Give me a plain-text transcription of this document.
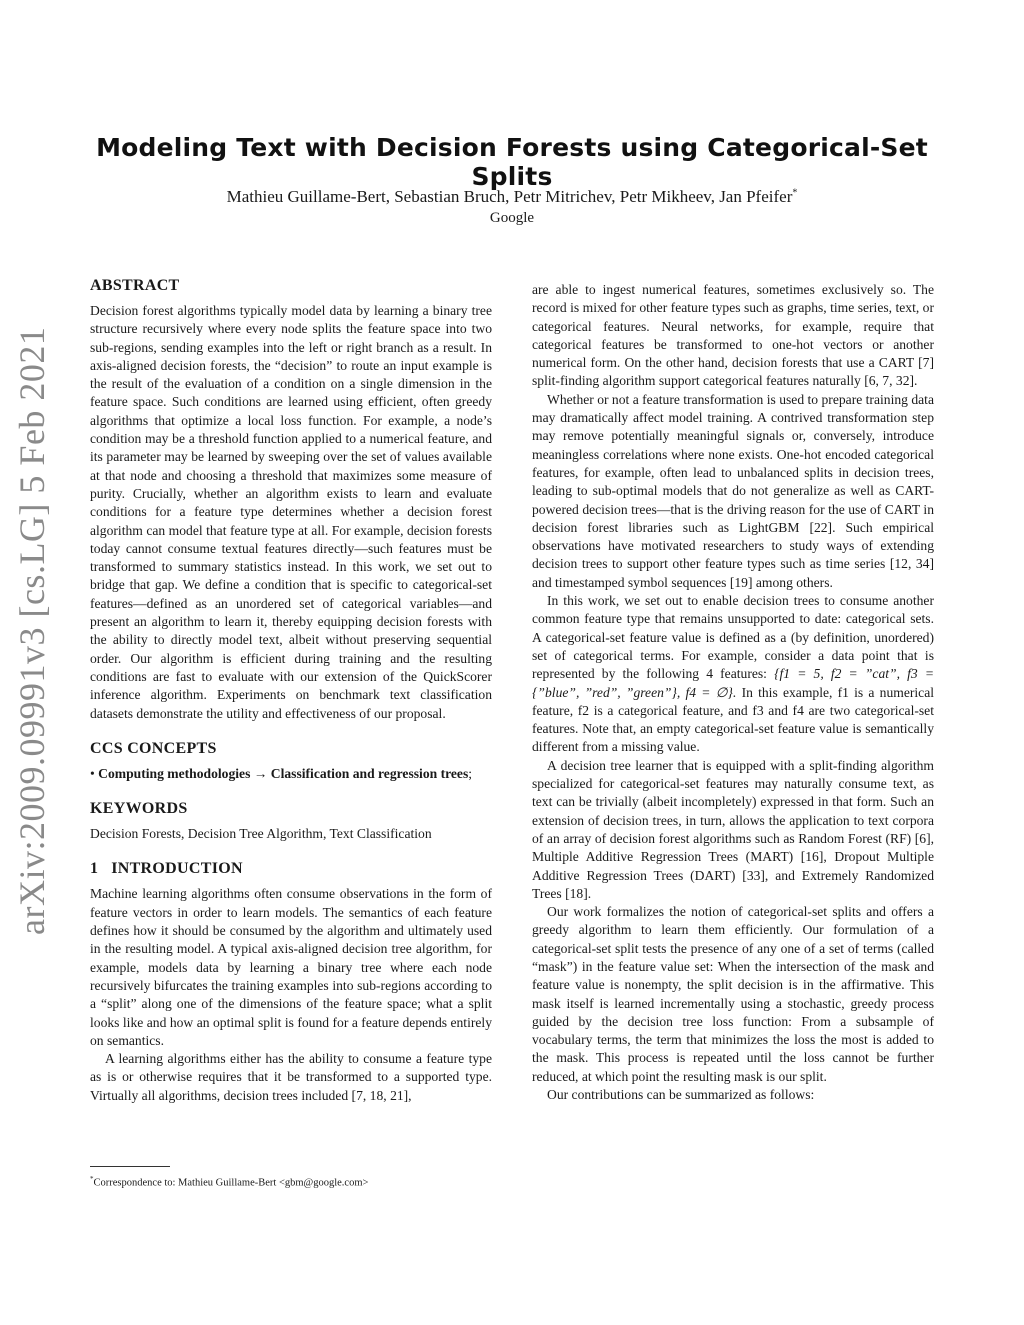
arXiv:2009.09991v3 [cs.LG] 5 Feb 2021
Modeling Text with Decision Forests using Categorical-Set Splits
Mathieu Guillame-Bert, Sebastian Bruch, Petr Mitrichev, Petr Mikheev, Jan Pfeifer*
Google

ABSTRACT

Decision forest algorithms typically model data by learning a binary tree structure recursively where every node splits the feature space into two sub-regions, sending examples into the left or right branch as a result. In axis-aligned decision forests, the “decision” to route an input example is the result of the evaluation of a condition on a single dimension in the feature space. Such conditions are learned using efficient, often greedy algorithms that optimize a local loss function. For example, a node’s condition may be a threshold function applied to a numerical feature, and its parameter may be learned by sweeping over the set of values available at that node and choosing a threshold that maximizes some measure of purity. Crucially, whether an algorithm exists to learn and evaluate conditions for a feature type determines whether a decision forest algorithm can model that feature type at all. For example, decision forests today cannot consume textual features directly—such features must be transformed to summary statistics instead. In this work, we set out to bridge that gap. We define a condition that is specific to categorical-set features—defined as an unordered set of categorical variables—and present an algorithm to learn it, thereby equipping decision forests with the ability to directly model text, albeit without preserving sequential order. Our algorithm is efficient during training and the resulting conditions are fast to evaluate with our extension of the QuickScorer inference algorithm. Experiments on benchmark text classification datasets demonstrate the utility and effectiveness of our proposal.

CCS CONCEPTS

• Computing methodologies → Classification and regression trees;

KEYWORDS

Decision Forests, Decision Tree Algorithm, Text Classification

1   INTRODUCTION

Machine learning algorithms often consume observations in the form of feature vectors in order to learn models. The semantics of each feature defines how it should be consumed by the algorithm and ultimately used in the resulting model. A typical axis-aligned decision tree algorithm, for example, models data by learning a binary tree where each node recursively bifurcates the training examples into sub-regions according to a “split” along one of the dimensions of the feature space; what a split looks like and how an optimal split is found for a feature depends entirely on semantics.

A learning algorithms either has the ability to consume a feature type as is or otherwise requires that it be transformed to a supported type. Virtually all algorithms, decision trees included [7, 18, 21],

are able to ingest numerical features, sometimes exclusively so. The record is mixed for other feature types such as graphs, time series, text, or categorical features. Neural networks, for example, require that categorical features be transformed to one-hot vectors or another numerical form. On the other hand, decision forests that use a CART [7] split-finding algorithm support categorical features naturally [6, 7, 32].

Whether or not a feature transformation is used to prepare training data may dramatically affect model training. A contrived transformation step may remove potentially meaningful signals or, conversely, introduce meaningless correlations where none exists. One-hot encoded categorical features, for example, often lead to unbalanced splits in decision trees, leading to sub-optimal models that do not generalize as well as CART-powered decision trees—that is the driving reason for the use of CART in decision forest libraries such as LightGBM [22]. Such empirical observations have motivated researchers to study ways of extending decision trees to support other feature types such as time series [12, 34] and timestamped symbol sequences [19] among others.

In this work, we set out to enable decision trees to consume another common feature type that remains unsupported to date: categorical sets. A categorical-set feature value is defined as a (by definition, unordered) set of categorical terms. For example, consider a data point that is represented by the following 4 features: {f1 = 5, f2 = ”cat”, f3 = {”blue”, ”red”, ”green”}, f4 = ∅}. In this example, f1 is a numerical feature, f2 is a categorical feature, and f3 and f4 are two categorical-set features. Note that, an empty categorical-set feature value is semantically different from a missing value.

A decision tree learner that is equipped with a split-finding algorithm specialized for categorical-set features may naturally consume text, as text can be trivially (albeit incompletely) expressed in that form. Such an extension of decision trees, in turn, allows the application to text corpora of an array of decision forest algorithms such as Random Forest (RF) [6], Multiple Additive Regression Trees (MART) [16], Dropout Multiple Additive Regression Trees (DART) [33], and Extremely Randomized Trees [18].

Our work formalizes the notion of categorical-set splits and offers a greedy algorithm to learn them efficiently. Our formulation of a categorical-set split tests the presence of any one of a set of terms (called “mask”) in the feature value set: When the intersection of the mask and feature value is nonempty, the split decision is in the affirmative. This mask itself is learned incrementally using a stochastic, greedy process guided by the decision tree loss function: From a subsample of vocabulary terms, the term that minimizes the loss the most is added to the mask. This process is repeated until the loss cannot be further reduced, at which point the resulting mask is our split.

Our contributions can be summarized as follows:

*Correspondence to: Mathieu Guillame-Bert <gbm@google.com>
